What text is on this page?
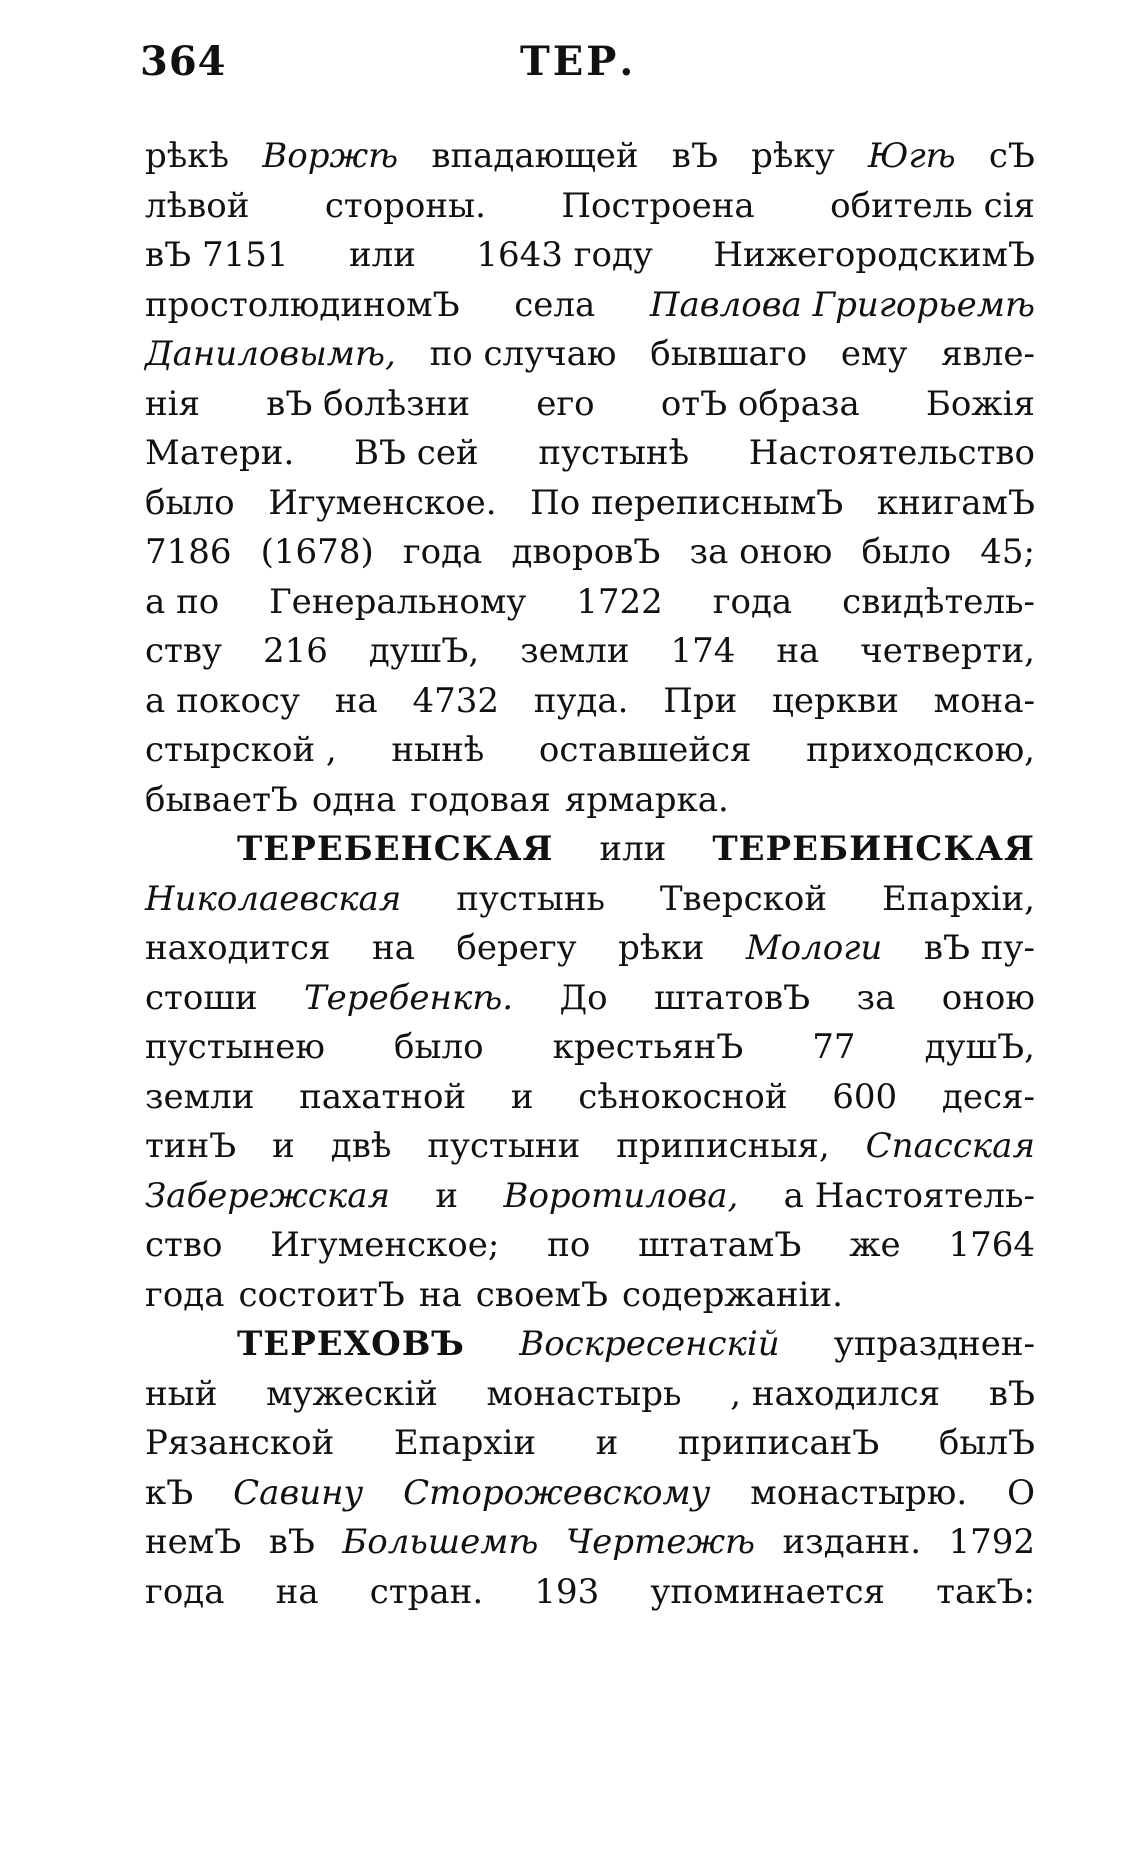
364	ТЕР.
рѣкѣ Воржѣ впадающей вЪ рѣку Югѣ сЪ
лѣвой стороны. Построена обитель сія
вЪ 7151 или 1643 году НижегородскимЪ
простолюдиномЪ села Павлова Григорьемѣ
Даниловымѣ, по случаю бывшаго ему явле-
нія вЪ болѣзни его отЪ образа Божія
Матери. ВЪ сей пустынѣ Настоятельство
было Игуменское. По переписнымЪ книгамЪ
7186 (1678) года дворовЪ за оною было 45;
а по Генеральному 1722 года свидѣтель-
ству 216 душЪ, земли 174 на четверти,
а покосу на 4732 пуда. При церкви мона-
стырской , нынѣ оставшейся приходскою,
бываетЪ одна годовая ярмарка.
ТЕРЕБЕНСКАЯ или ТЕРЕБИНСКАЯ
Николаевская пустынь Тверской Епархіи,
находится на берегу рѣки Мологи вЪ пу-
стоши Теребенкѣ. До штатовЪ за оною
пустынею было крестьянЪ 77 душЪ,
земли пахатной и сѣнокосной 600 деся-
тинЪ и двѣ пустыни приписныя, Спасская
Забережская и Воротилова, а Настоятель-
ство Игуменское; по штатамЪ же 1764
года состоитЪ на своемЪ содержаніи.
ТЕРЕХОВЪ Воскресенскій упразднен-
ный мужескій монастырь , находился вЪ
Рязанской Епархіи и приписанЪ былЪ
кЪ Савину Сторожевскому монастырю. О
немЪ вЪ Большемѣ Чертежѣ изданн. 1792
года на стран. 193 упоминается такЪ:
